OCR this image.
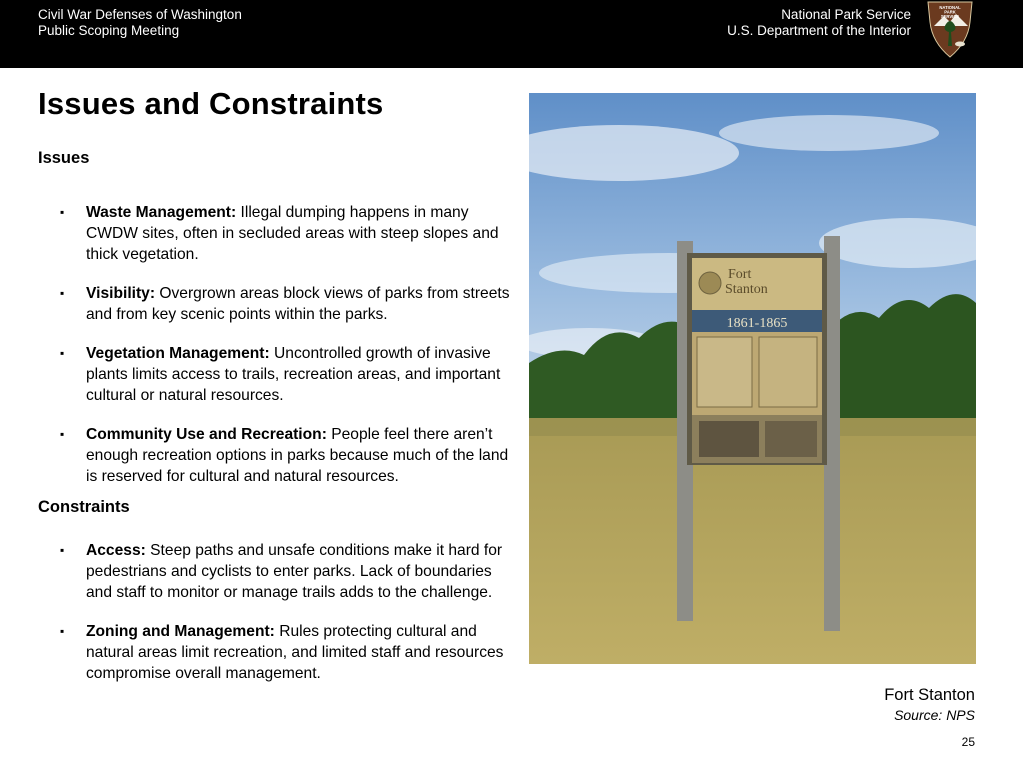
Civil War Defenses of Washington
Public Scoping Meeting
National Park Service
U.S. Department of the Interior
NATIONAL
PARK
SERVICE
Issues and Constraints
Issues
▪ Waste Management: Illegal dumping happens in many CWDW sites, often in secluded areas with steep slopes and thick vegetation.
▪ Visibility: Overgrown areas block views of parks from streets and from key scenic points within the parks.
▪ Vegetation Management: Uncontrolled growth of invasive plants limits access to trails, recreation areas, and important cultural or natural resources.
▪ Community Use and Recreation: People feel there aren’t enough recreation options in parks because much of the land is reserved for cultural and natural resources.
Constraints
▪ Access: Steep paths and unsafe conditions make it hard for pedestrians and cyclists to enter parks. Lack of boundaries and staff to monitor or manage trails adds to the challenge.
▪ Zoning and Management: Rules protecting cultural and natural areas limit recreation, and limited staff and resources compromise overall management.
Fort
Stanton
1861-1865
Fort Stanton
Source: NPS
25
